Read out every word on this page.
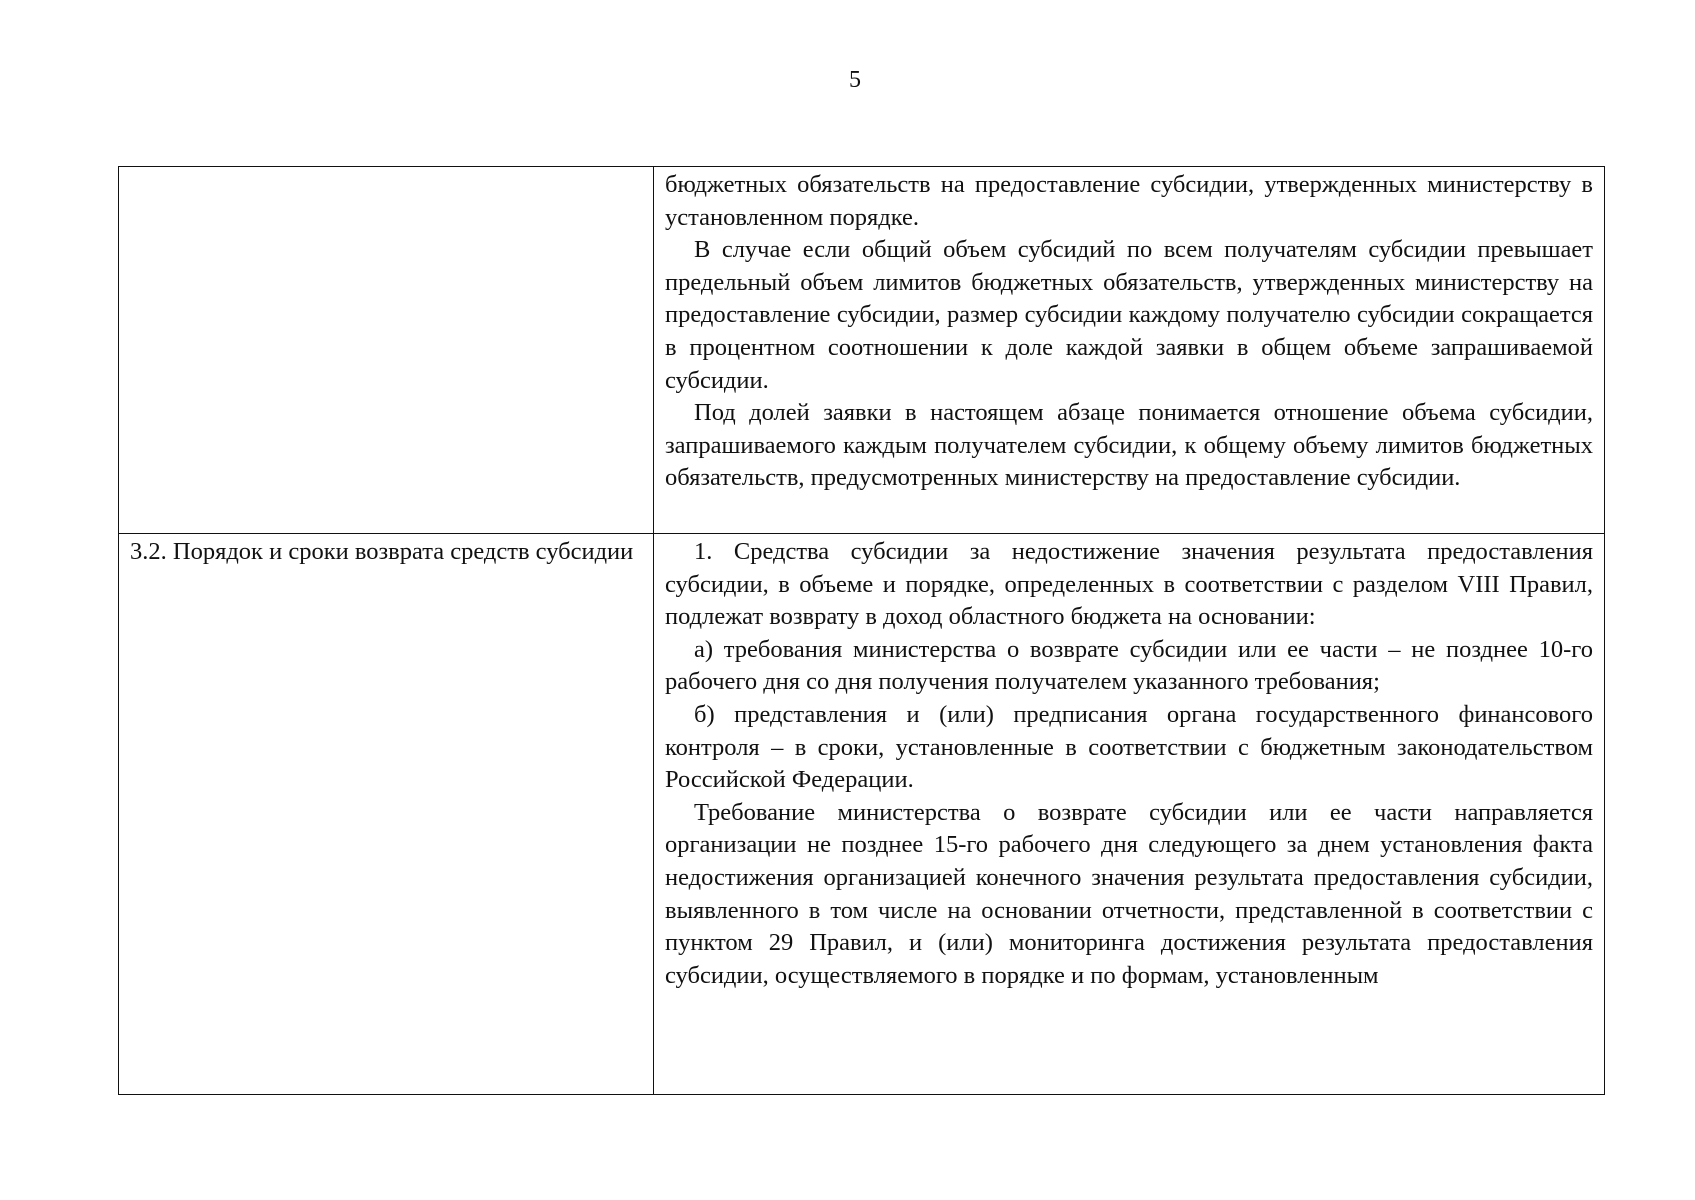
5

	бюджетных обязательств на предоставление субсидии, утвержденных министерству в установленном порядке.

В случае если общий объем субсидий по всем получателям субсидии превышает предельный объем лимитов бюджетных обязательств, утвержденных министерству на предоставление субсидии, размер субсидии каждому получателю субсидии сокращается в процентном соотношении к доле каждой заявки в общем объеме запрашиваемой субсидии.

Под долей заявки в настоящем абзаце понимается отношение объема субсидии, запрашиваемого каждым получателем субсидии, к общему объему лимитов бюджетных обязательств, предусмотренных министерству на предоставление субсидии.

3.2. Порядок и сроки возврата средств субсидии	1. Средства субсидии за недостижение значения результата предоставления субсидии, в объеме и порядке, определенных в соответствии с разделом VIII Правил, подлежат возврату в доход областного бюджета на основании:

а) требования министерства о возврате субсидии или ее части – не позднее 10-го рабочего дня со дня получения получателем указанного требования;

б) представления и (или) предписания органа государственного финансового контроля – в сроки, установленные в соответствии с бюджетным законодательством Российской Федерации.

Требование министерства о возврате субсидии или ее части направляется организации не позднее 15-го рабочего дня следующего за днем установления факта недостижения организацией конечного значения результата предоставления субсидии, выявленного в том числе на основании отчетности, представленной в соответствии с пунктом 29 Правил, и (или) мониторинга достижения результата предоставления субсидии, осуществляемого в порядке и по формам, установленным
